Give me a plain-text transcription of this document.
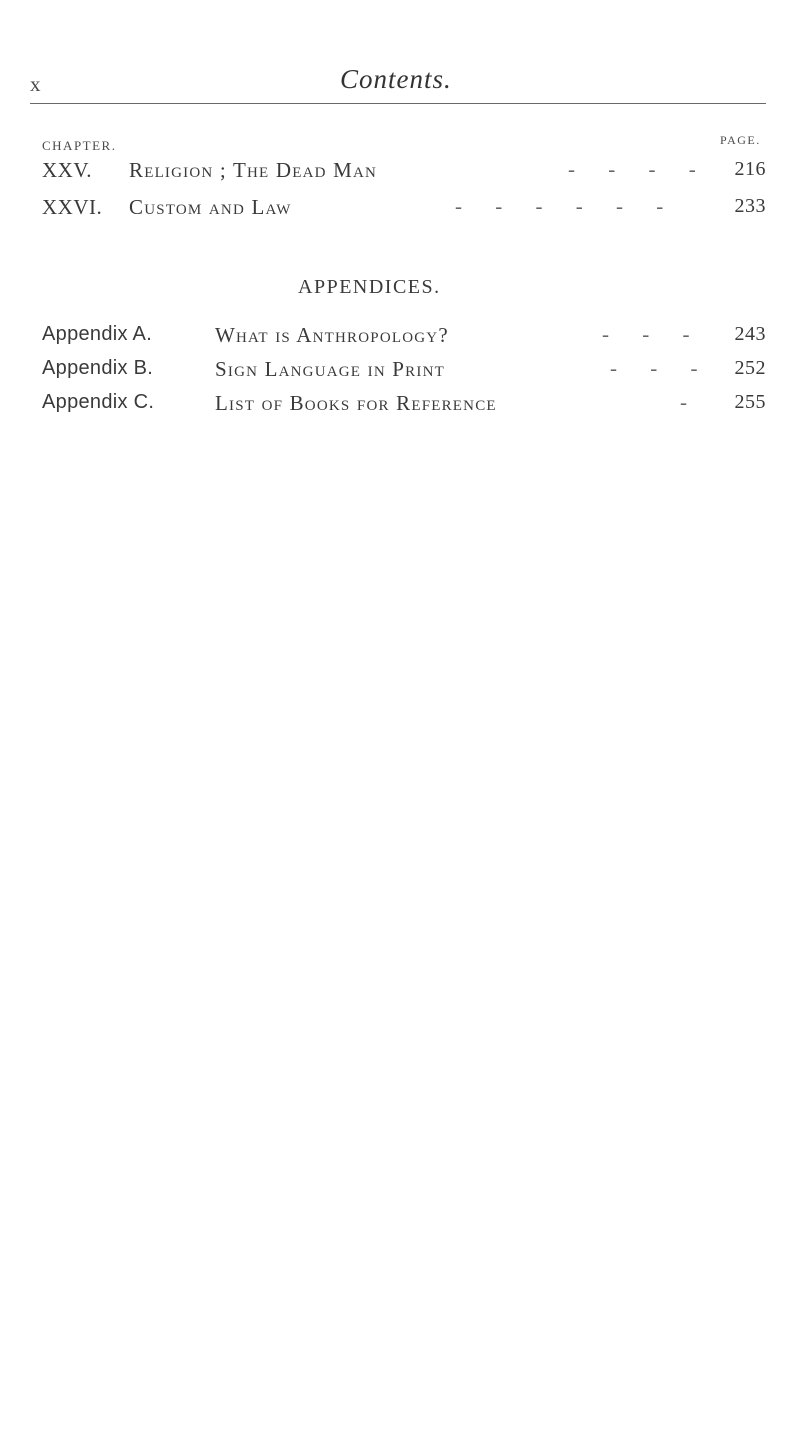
x	Contents.
CHAPTER.	PAGE.
XXV. Religion ; The Dead Man	- - - - 216
XXVI. Custom and Law	- - - - - -	233
APPENDICES.
Appendix A.	What is Anthropology?	- - - 243
Appendix B.	Sign Language in Print	- - - 252
Appendix C.	List of Books for Reference	- 255
